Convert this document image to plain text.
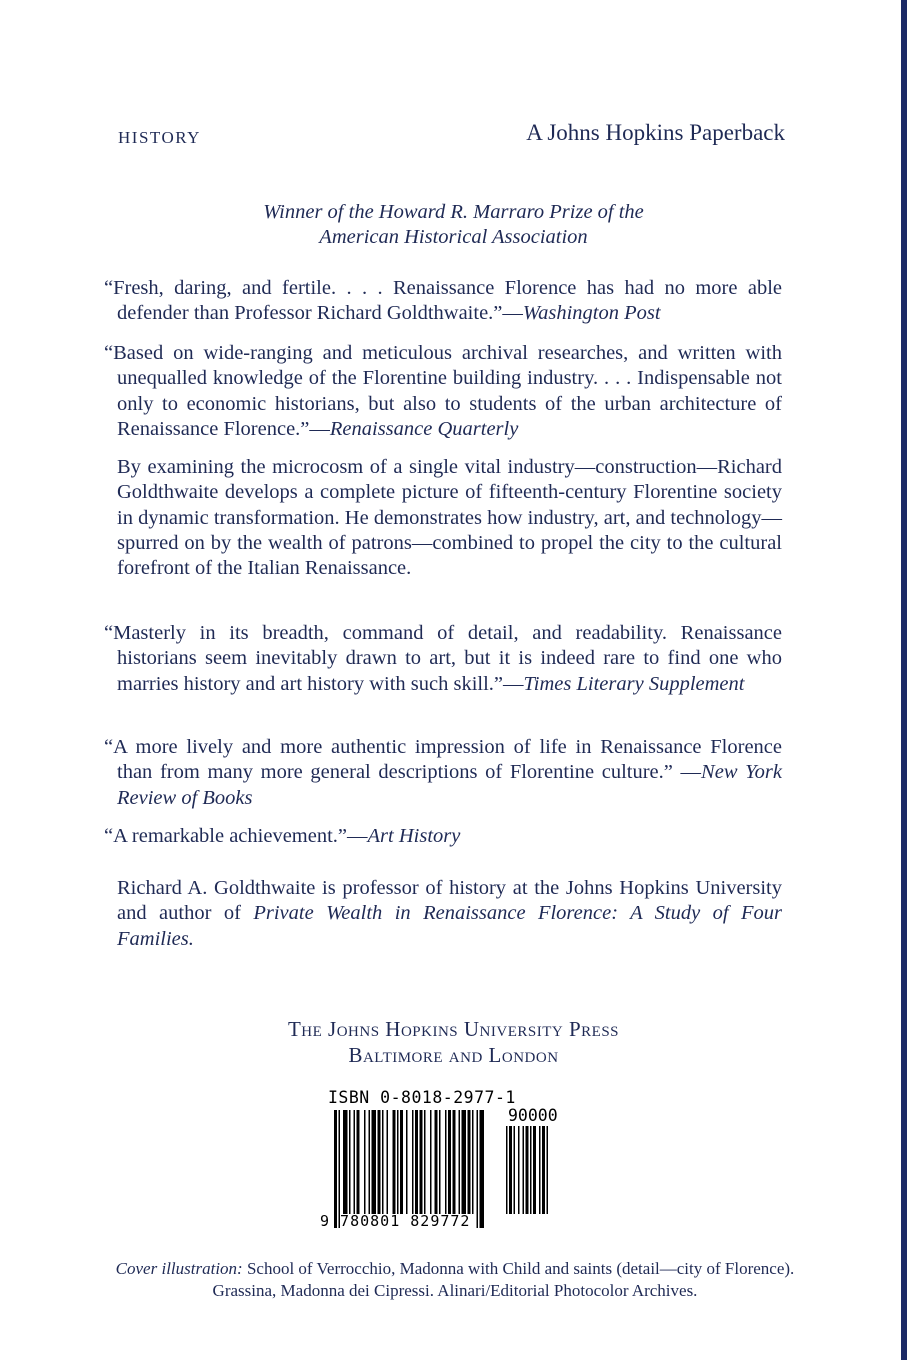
HISTORY	A Johns Hopkins Paperback
Winner of the Howard R. Marraro Prize of the
American Historical Association
“Fresh, daring, and fertile. . . . Renaissance Florence has had no more able defender than Professor Richard Goldthwaite.”—Washington Post
“Based on wide-ranging and meticulous archival researches, and written with unequalled knowledge of the Florentine building industry. . . . Indispensable not only to economic historians, but also to students of the urban architecture of Renaissance Florence.”—Renaissance Quarterly
By examining the microcosm of a single vital industry—construction—Richard Goldthwaite develops a complete picture of fifteenth-century Florentine society in dynamic transformation. He demonstrates how industry, art, and technology—spurred on by the wealth of patrons—combined to propel the city to the cultural forefront of the Italian Renaissance.
“Masterly in its breadth, command of detail, and readability. Renaissance historians seem inevitably drawn to art, but it is indeed rare to find one who marries history and art history with such skill.”—Times Literary Supplement
“A more lively and more authentic impression of life in Renaissance Florence than from many more general descriptions of Florentine culture.” —New York Review of Books
“A remarkable achievement.”—Art History
Richard A. Goldthwaite is professor of history at the Johns Hopkins University and author of Private Wealth in Renaissance Florence: A Study of Four Families.
The Johns Hopkins University Press
Baltimore and London
ISBN 0-8018-2977-1
90000
9 780801 829772
Cover illustration: School of Verrocchio, Madonna with Child and saints (detail—city of Florence). Grassina, Madonna dei Cipressi. Alinari/Editorial Photocolor Archives.
